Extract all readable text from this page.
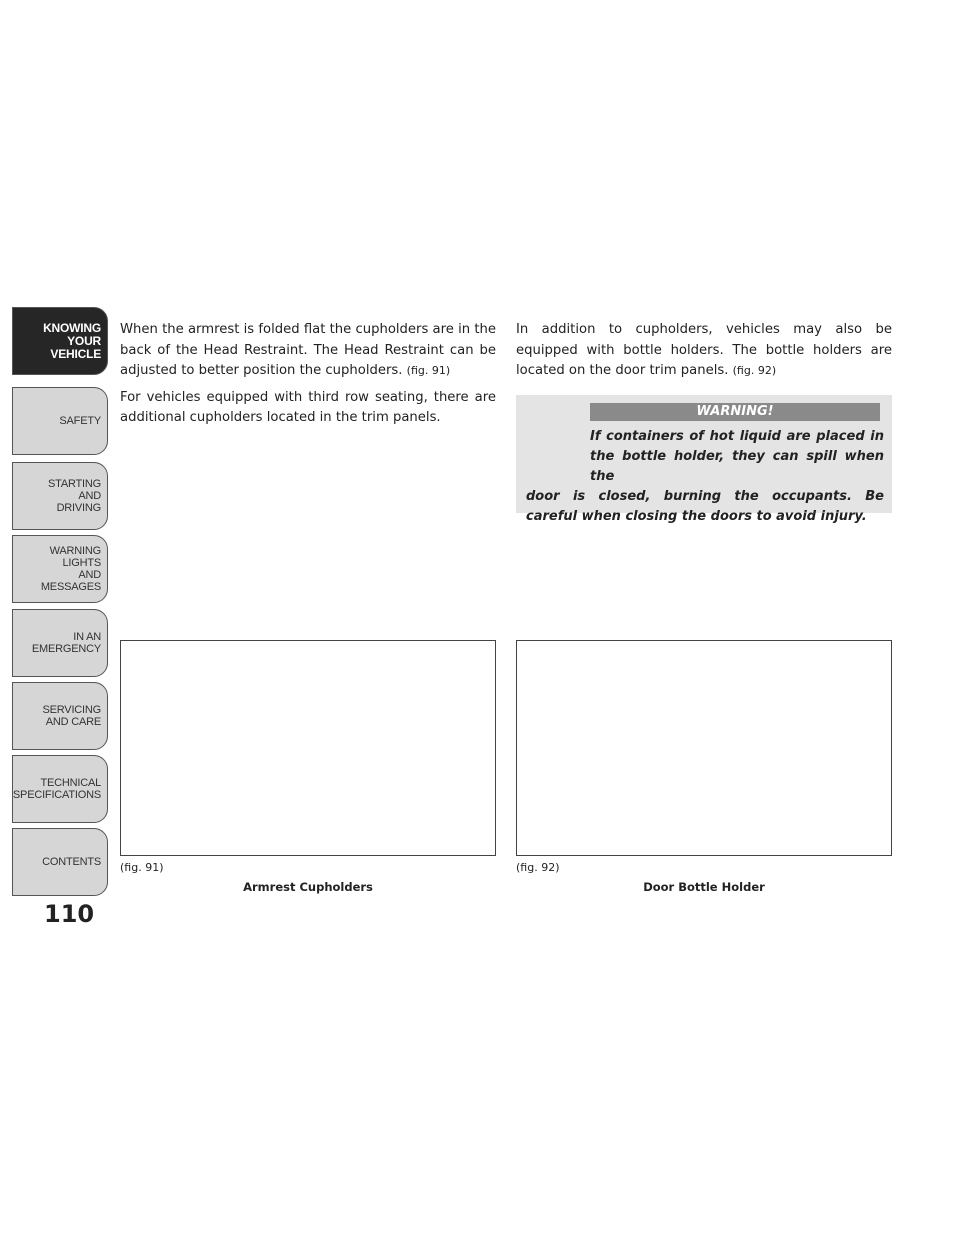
KNOWING
YOUR
VEHICLE
SAFETY
STARTING
AND
DRIVING
WARNING
LIGHTS
AND
MESSAGES
IN AN
EMERGENCY
SERVICING
AND CARE
TECHNICAL
SPECIFICATIONS
CONTENTS
110

When the armrest is folded flat the cupholders are in the back of the Head Restraint. The Head Restraint can be adjusted to better position the cupholders. (fig. 91)

For vehicles equipped with third row seating, there are additional cupholders located in the trim panels.

In addition to cupholders, vehicles may also be equipped with bottle holders. The bottle holders are located on the door trim panels. (fig. 92)

WARNING!
If containers of hot liquid are placed in the bottle holder, they can spill when the
door is closed, burning the occupants. Be careful when closing the doors to avoid injury.
(fig. 91)
Armrest Cupholders
(fig. 92)
Door Bottle Holder
